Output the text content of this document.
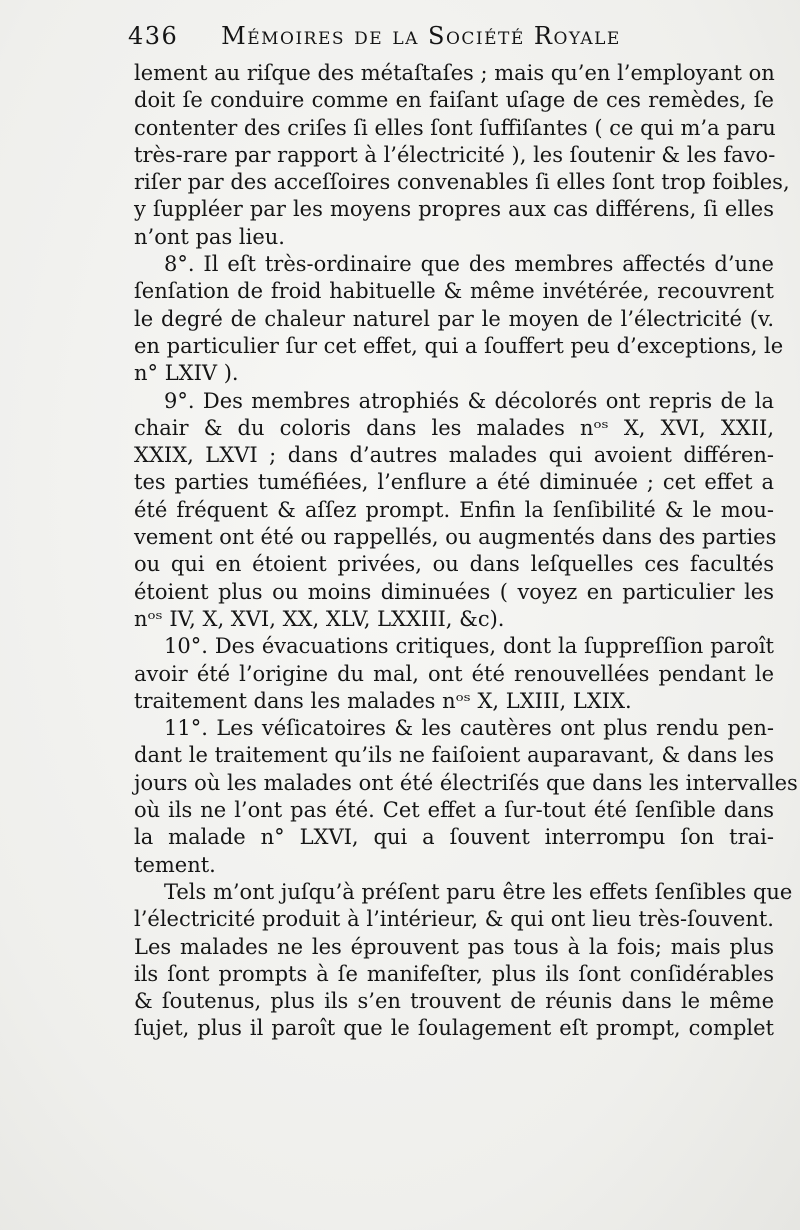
436 Mémoires de la Société Royale
lement au riſque des métaſtaſes ; mais qu’en l’employant on
doit ſe conduire comme en faiſant uſage de ces remèdes, ſe
contenter des criſes ſi elles ſont ſuffiſantes ( ce qui m’a paru
très-rare par rapport à l’électricité ), les ſoutenir & les favo-
riſer par des acceſſoires convenables ſi elles ſont trop foibles,
y ſuppléer par les moyens propres aux cas différens, ſi elles
n’ont pas lieu.
8°. Il eſt très-ordinaire que des membres affectés d’une
ſenſation de froid habituelle & même invétérée, recouvrent
le degré de chaleur naturel par le moyen de l’électricité (v.
en particulier ſur cet effet, qui a ſouffert peu d’exceptions, le
n° LXIV ).
9°. Des membres atrophiés & décolorés ont repris de la
chair & du coloris dans les malades nᵒˢ X, XVI, XXII,
XXIX, LXVI ; dans d’autres malades qui avoient différen-
tes parties tuméfiées, l’enflure a été diminuée ; cet effet a
été fréquent & aſſez prompt. Enfin la ſenſibilité & le mou-
vement ont été ou rappellés, ou augmentés dans des parties
ou qui en étoient privées, ou dans leſquelles ces facultés
étoient plus ou moins diminuées ( voyez en particulier les
nᵒˢ IV, X, XVI, XX, XLV, LXXIII, &c).
10°. Des évacuations critiques, dont la ſuppreſſion paroît
avoir été l’origine du mal, ont été renouvellées pendant le
traitement dans les malades nᵒˢ X, LXIII, LXIX.
11°. Les véſicatoires & les cautères ont plus rendu pen-
dant le traitement qu’ils ne faiſoient auparavant, & dans les
jours où les malades ont été électriſés que dans les intervalles
où ils ne l’ont pas été. Cet effet a ſur-tout été ſenſible dans
la malade n° LXVI, qui a ſouvent interrompu ſon trai-
tement.
Tels m’ont juſqu’à préſent paru être les effets ſenſibles que
l’électricité produit à l’intérieur, & qui ont lieu très-ſouvent.
Les malades ne les éprouvent pas tous à la fois; mais plus
ils ſont prompts à ſe manifeſter, plus ils ſont conſidérables
& ſoutenus, plus ils s’en trouvent de réunis dans le même
ſujet, plus il paroît que le ſoulagement eſt prompt, complet
